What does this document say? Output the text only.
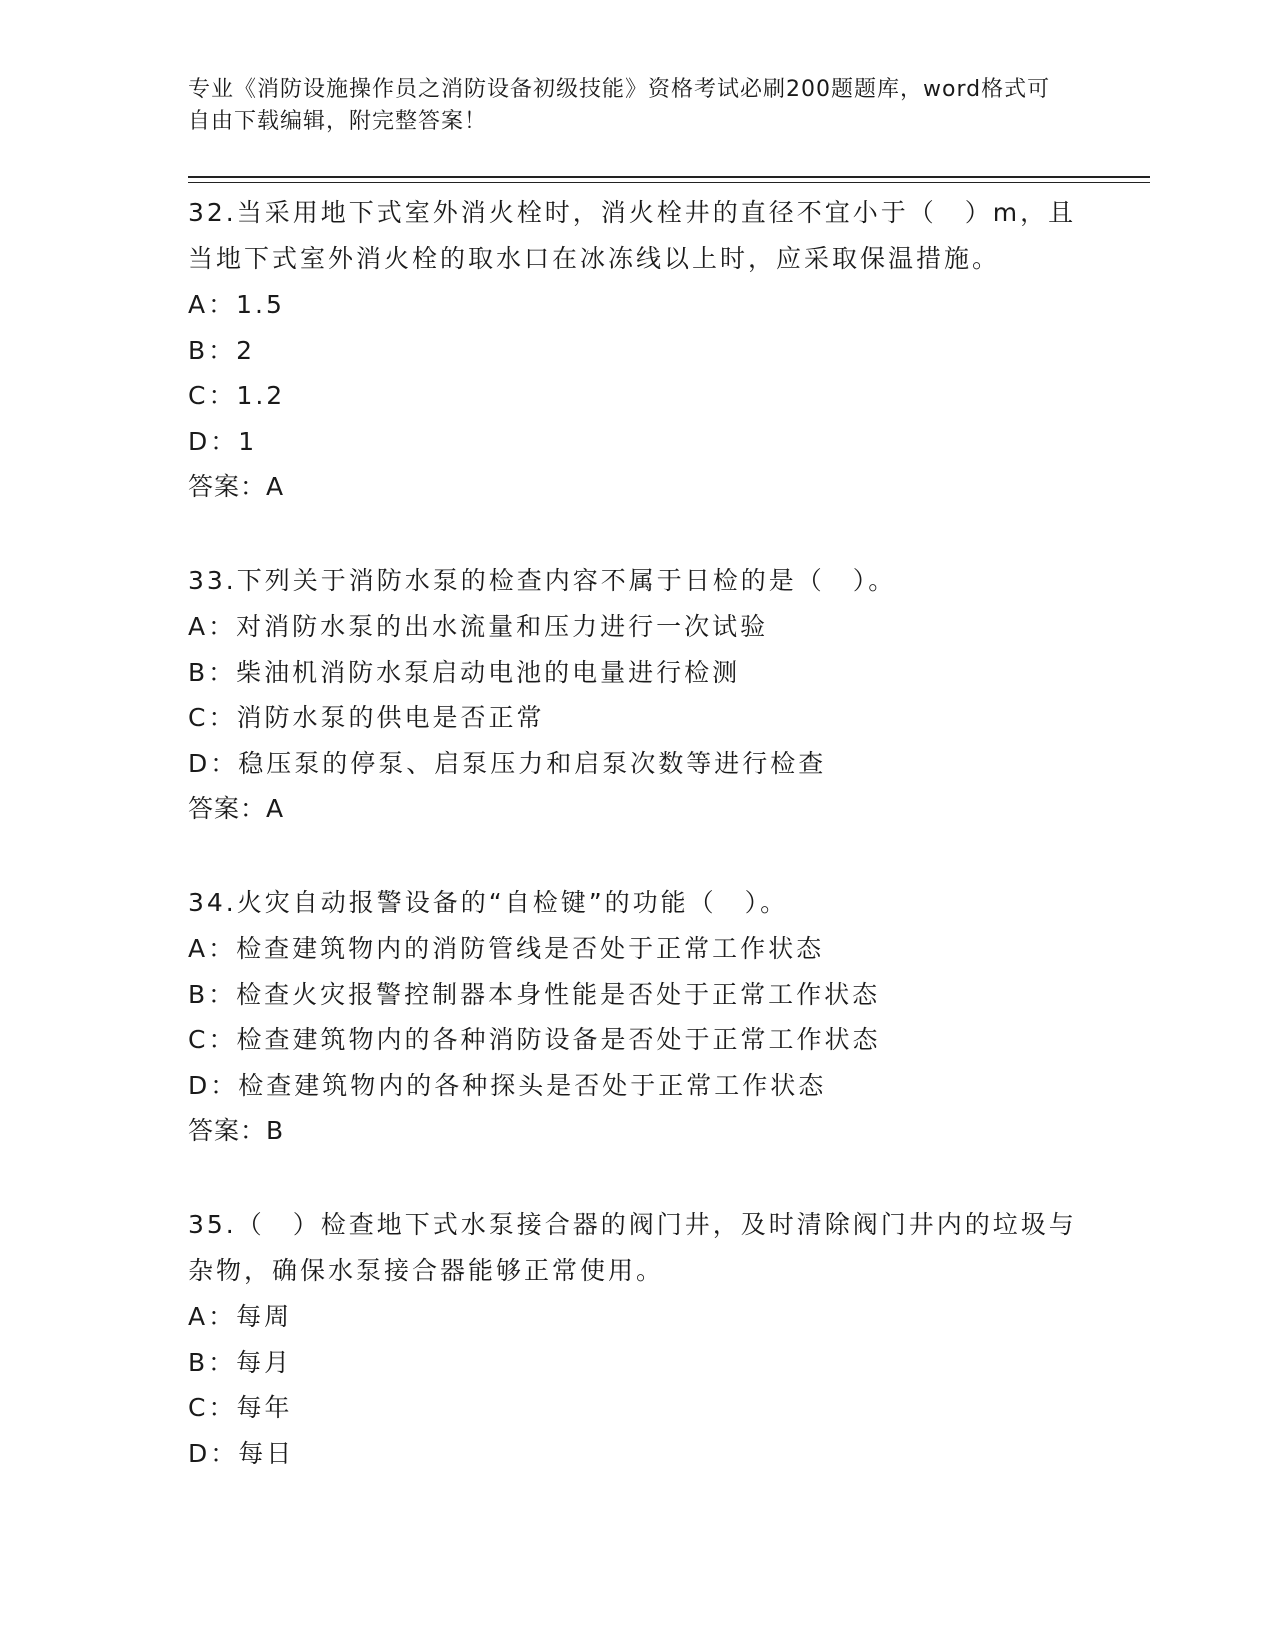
专业《消防设施操作员之消防设备初级技能》资格考试必刷200题题库，word格式可自由下载编辑，附完整答案！
32.当采用地下式室外消火栓时，消火栓井的直径不宜小于（　）m，且当地下式室外消火栓的取水口在冰冻线以上时，应采取保温措施。
A：1.5
B：2
C：1.2
D：1
答案：A
33.下列关于消防水泵的检查内容不属于日检的是（　）。
A：对消防水泵的出水流量和压力进行一次试验
B：柴油机消防水泵启动电池的电量进行检测
C：消防水泵的供电是否正常
D：稳压泵的停泵、启泵压力和启泵次数等进行检查
答案：A
34.火灾自动报警设备的“自检键”的功能（　）。
A：检查建筑物内的消防管线是否处于正常工作状态
B：检查火灾报警控制器本身性能是否处于正常工作状态
C：检查建筑物内的各种消防设备是否处于正常工作状态
D：检查建筑物内的各种探头是否处于正常工作状态
答案：B
35.（　）检查地下式水泵接合器的阀门井，及时清除阀门井内的垃圾与杂物，确保水泵接合器能够正常使用。
A：每周
B：每月
C：每年
D：每日
